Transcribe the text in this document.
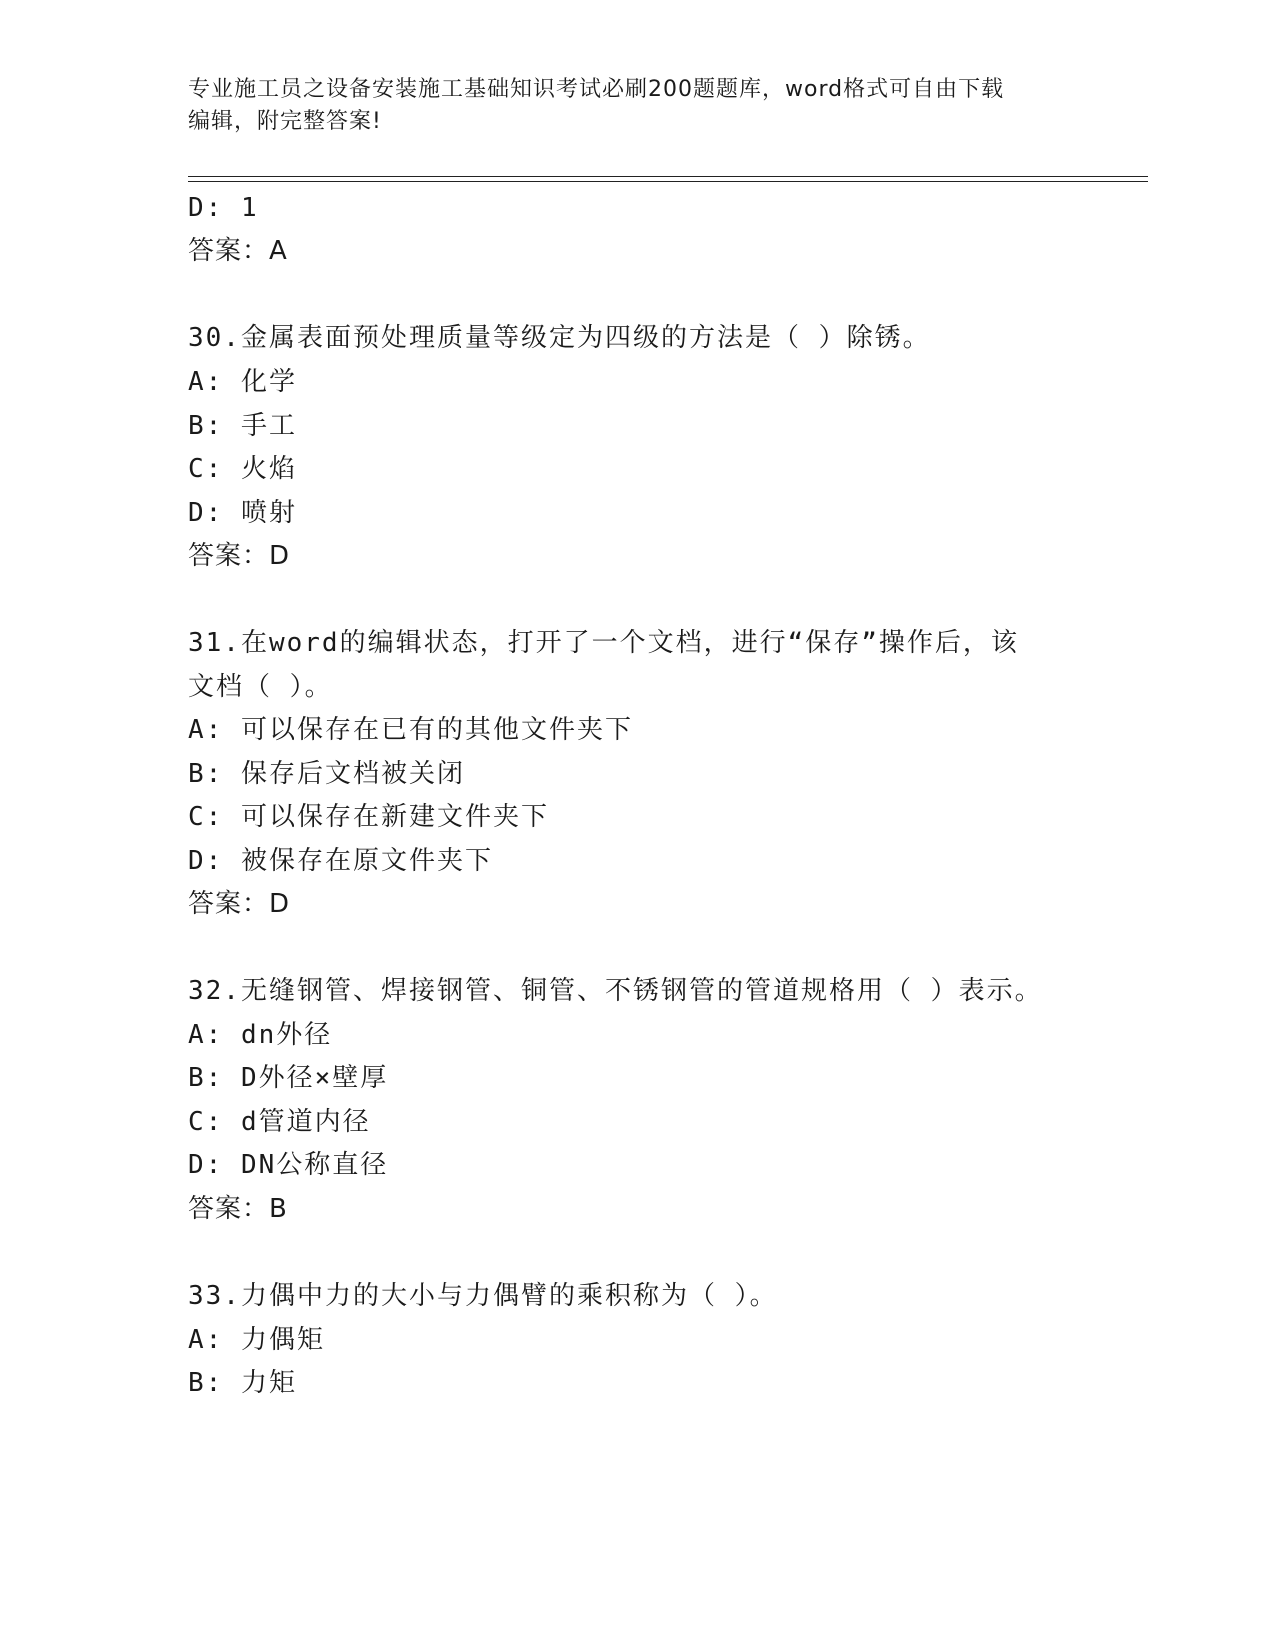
专业施工员之设备安装施工基础知识考试必刷200题题库，word格式可自由下载
编辑，附完整答案!
D: 1
答案：A
30.金属表面预处理质量等级定为四级的方法是（ ）除锈。
A: 化学
B: 手工
C: 火焰
D: 喷射
答案：D
31.在word的编辑状态，打开了一个文档，进行“保存”操作后，该
文档（ ）。
A: 可以保存在已有的其他文件夹下
B: 保存后文档被关闭
C: 可以保存在新建文件夹下
D: 被保存在原文件夹下
答案：D
32.无缝钢管、焊接钢管、铜管、不锈钢管的管道规格用（ ）表示。
A: dn外径
B: D外径×壁厚
C: d管道内径
D: DN公称直径
答案：B
33.力偶中力的大小与力偶臂的乘积称为（ ）。
A: 力偶矩
B: 力矩
